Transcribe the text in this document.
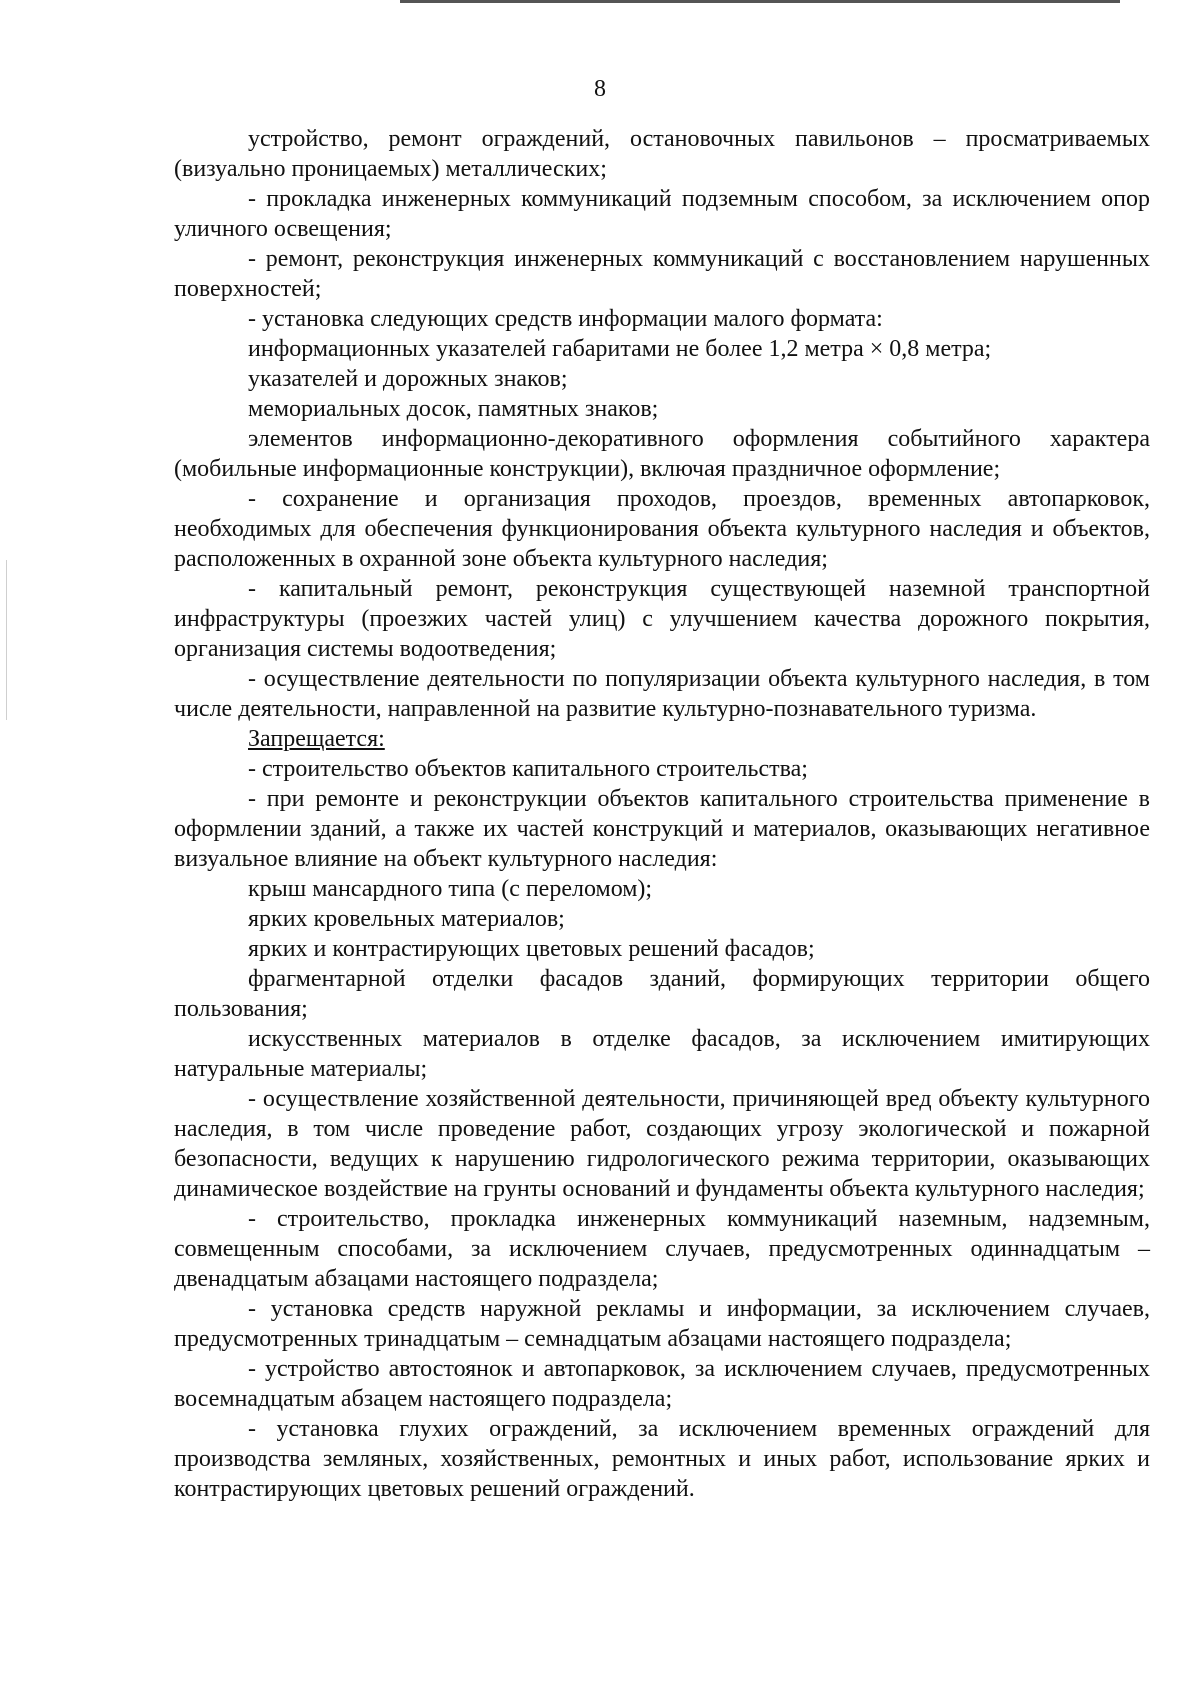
8

устройство, ремонт ограждений, остановочных павильонов – просматриваемых (визуально проницаемых) металлических;

- прокладка инженерных коммуникаций подземным способом, за исключением опор уличного освещения;

- ремонт, реконструкция инженерных коммуникаций с восстановлением нарушенных поверхностей;

- установка следующих средств информации малого формата:

информационных указателей габаритами не более 1,2 метра × 0,8 метра;

указателей и дорожных знаков;

мемориальных досок, памятных знаков;

элементов информационно-декоративного оформления событийного характера (мобильные информационные конструкции), включая праздничное оформление;

- сохранение и организация проходов, проездов, временных автопарковок, необходимых для обеспечения функционирования объекта культурного наследия и объектов, расположенных в охранной зоне объекта культурного наследия;

- капитальный ремонт, реконструкция существующей наземной транспортной инфраструктуры (проезжих частей улиц) с улучшением качества дорожного покрытия, организация системы водоотведения;

- осуществление деятельности по популяризации объекта культурного наследия, в том числе деятельности, направленной на развитие культурно-познавательного туризма.

Запрещается:

- строительство объектов капитального строительства;

- при ремонте и реконструкции объектов капитального строительства применение в оформлении зданий, а также их частей конструкций и материалов, оказывающих негативное визуальное влияние на объект культурного наследия:

крыш мансардного типа (с переломом);

ярких кровельных материалов;

ярких и контрастирующих цветовых решений фасадов;

фрагментарной отделки фасадов зданий, формирующих территории общего пользования;

искусственных материалов в отделке фасадов, за исключением имитирующих натуральные материалы;

- осуществление хозяйственной деятельности, причиняющей вред объекту культурного наследия, в том числе проведение работ, создающих угрозу экологической и пожарной безопасности, ведущих к нарушению гидрологического режима территории, оказывающих динамическое воздействие на грунты оснований и фундаменты объекта культурного наследия;

- строительство, прокладка инженерных коммуникаций наземным, надземным, совмещенным способами, за исключением случаев, предусмотренных одиннадцатым – двенадцатым абзацами настоящего подраздела;

- установка средств наружной рекламы и информации, за исключением случаев, предусмотренных тринадцатым – семнадцатым абзацами настоящего подраздела;

- устройство автостоянок и автопарковок, за исключением случаев, предусмотренных восемнадцатым абзацем настоящего подраздела;

- установка глухих ограждений, за исключением временных ограждений для производства земляных, хозяйственных, ремонтных и иных работ, использование ярких и контрастирующих цветовых решений ограждений.
